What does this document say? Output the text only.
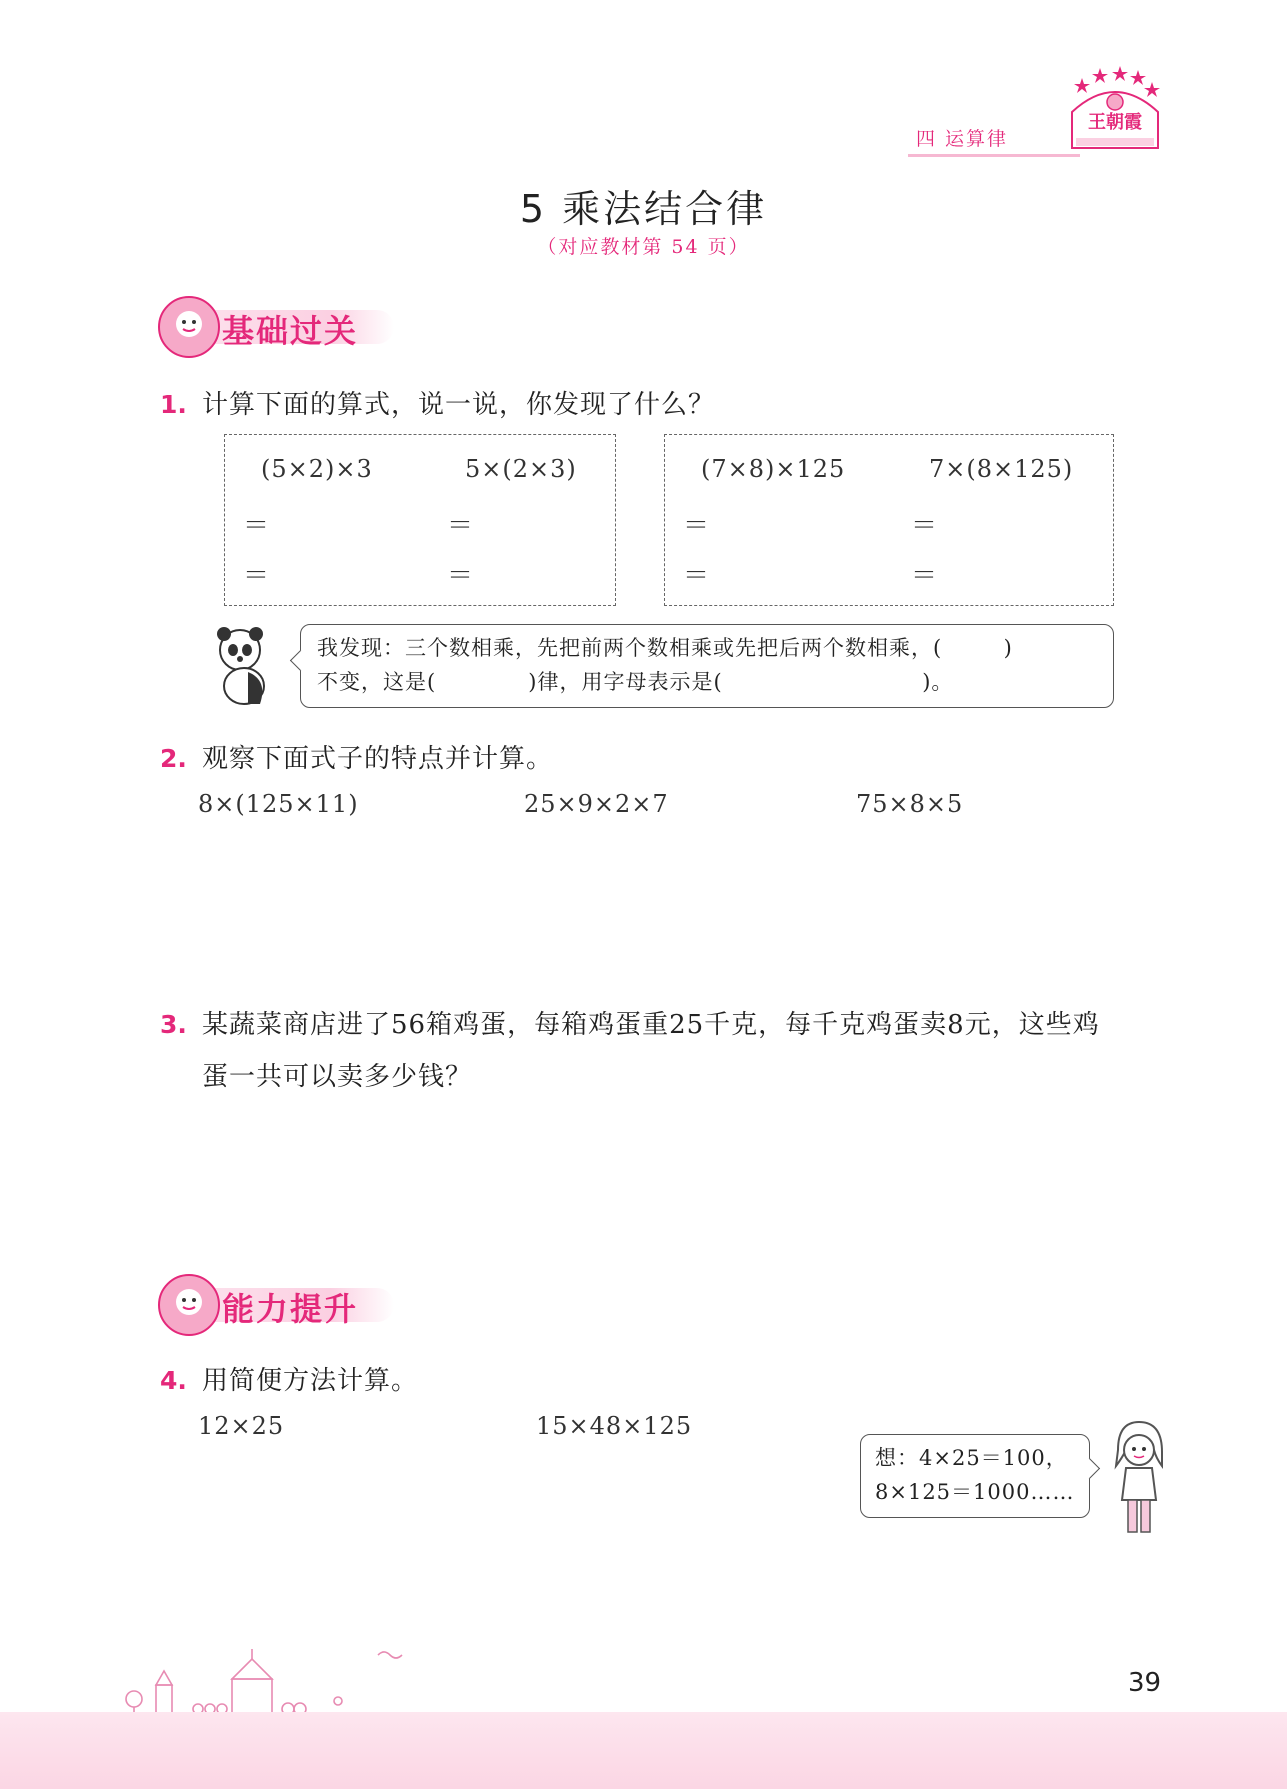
四 运算律
王朝霞
5 乘法结合律
（对应教材第 54 页）
基础过关
1. 计算下面的算式，说一说，你发现了什么？
(5×2)×3	5×(2×3)
＝	＝
＝	＝
(7×8)×125	7×(8×125)
＝	＝
＝	＝
我发现：三个数相乘，先把前两个数相乘或先把后两个数相乘，(        )
不变，这是(            )律，用字母表示是(                          )。
2. 观察下面式子的特点并计算。
8×(125×11)	25×9×2×7	75×8×5
3. 某蔬菜商店进了56箱鸡蛋，每箱鸡蛋重25千克，每千克鸡蛋卖8元，这些鸡
蛋一共可以卖多少钱？
能力提升
4. 用简便方法计算。
12×25	15×48×125
想：4×25＝100，
8×125＝1000……
39
